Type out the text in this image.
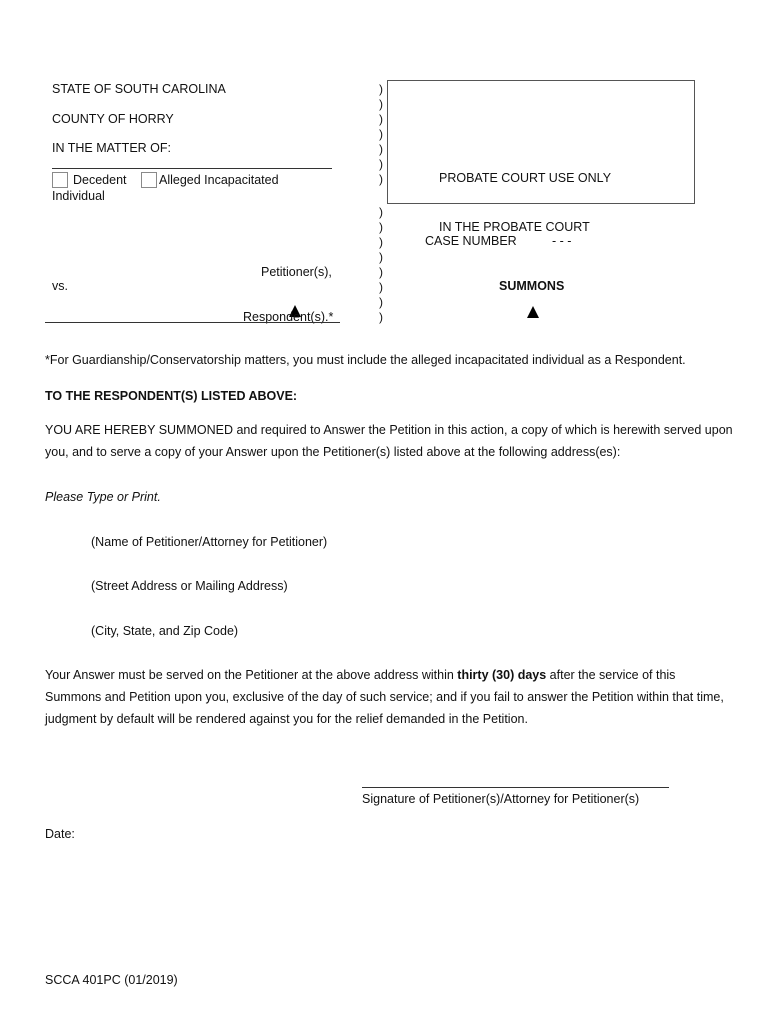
STATE OF SOUTH CAROLINA
COUNTY OF HORRY
IN THE MATTER OF:
Decedent	Alleged Incapacitated
Individual
Petitioner(s),
vs.
Respondent(s).*
)
)
)
)
)
)
)
)
)
)
)
)
)
)
)
PROBATE COURT USE ONLY
IN THE PROBATE COURT
CASE NUMBER	- - -
SUMMONS
*For Guardianship/Conservatorship matters, you must include the alleged incapacitated individual as a Respondent.
TO THE RESPONDENT(S) LISTED ABOVE:
YOU ARE HEREBY SUMMONED and required to Answer the Petition in this action, a copy of which is herewith served upon you, and to serve a copy of your Answer upon the Petitioner(s) listed above at the following address(es):
Please Type or Print.
(Name of Petitioner/Attorney for Petitioner)
(Street Address or Mailing Address)
(City, State, and Zip Code)
Your Answer must be served on the Petitioner at the above address within thirty (30) days after the service of this Summons and Petition upon you, exclusive of the day of such service; and if you fail to answer the Petition within that time, judgment by default will be rendered against you for the relief demanded in the Petition.
Signature of Petitioner(s)/Attorney for Petitioner(s)
Date:
SCCA 401PC (01/2019)
